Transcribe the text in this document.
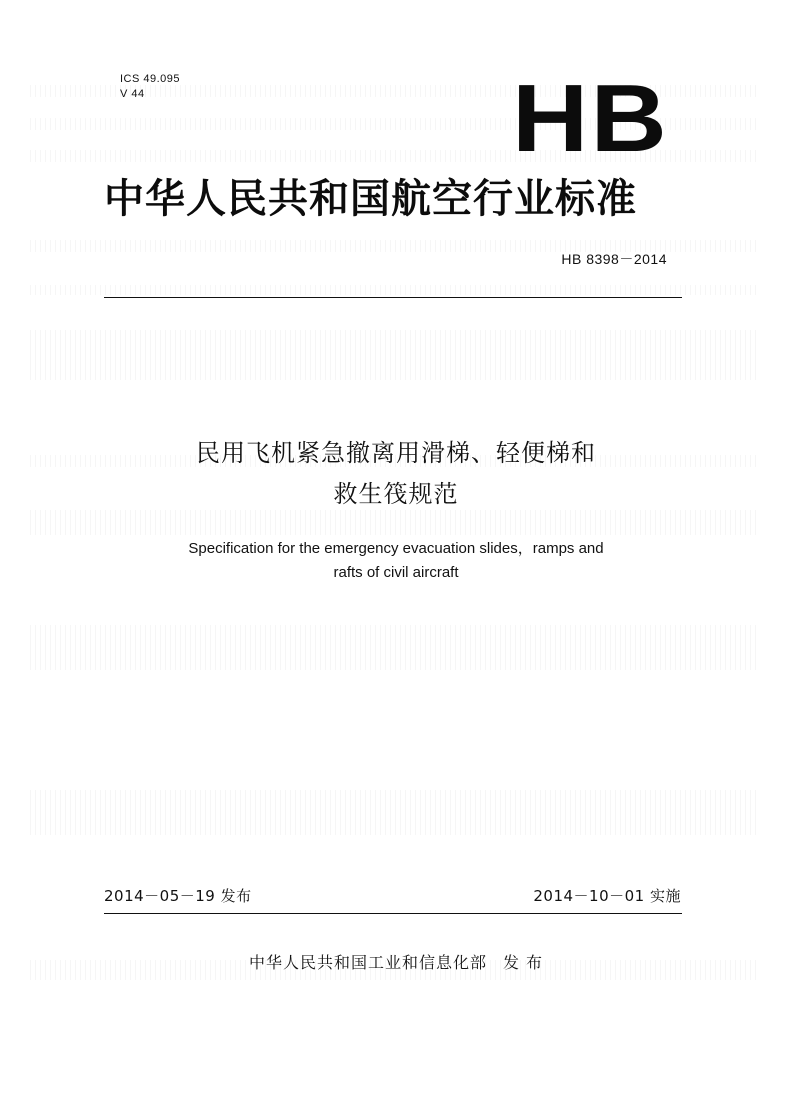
ICS 49.095
V 44	HB
中华人民共和国航空行业标准
HB 8398－2014
民用飞机紧急撤离用滑梯、轻便梯和
救生筏规范
Specification for the emergency evacuation slides，ramps and
rafts of civil aircraft
2014－05－19 发布	2014－10－01 实施
中华人民共和国工业和信息化部 发 布
